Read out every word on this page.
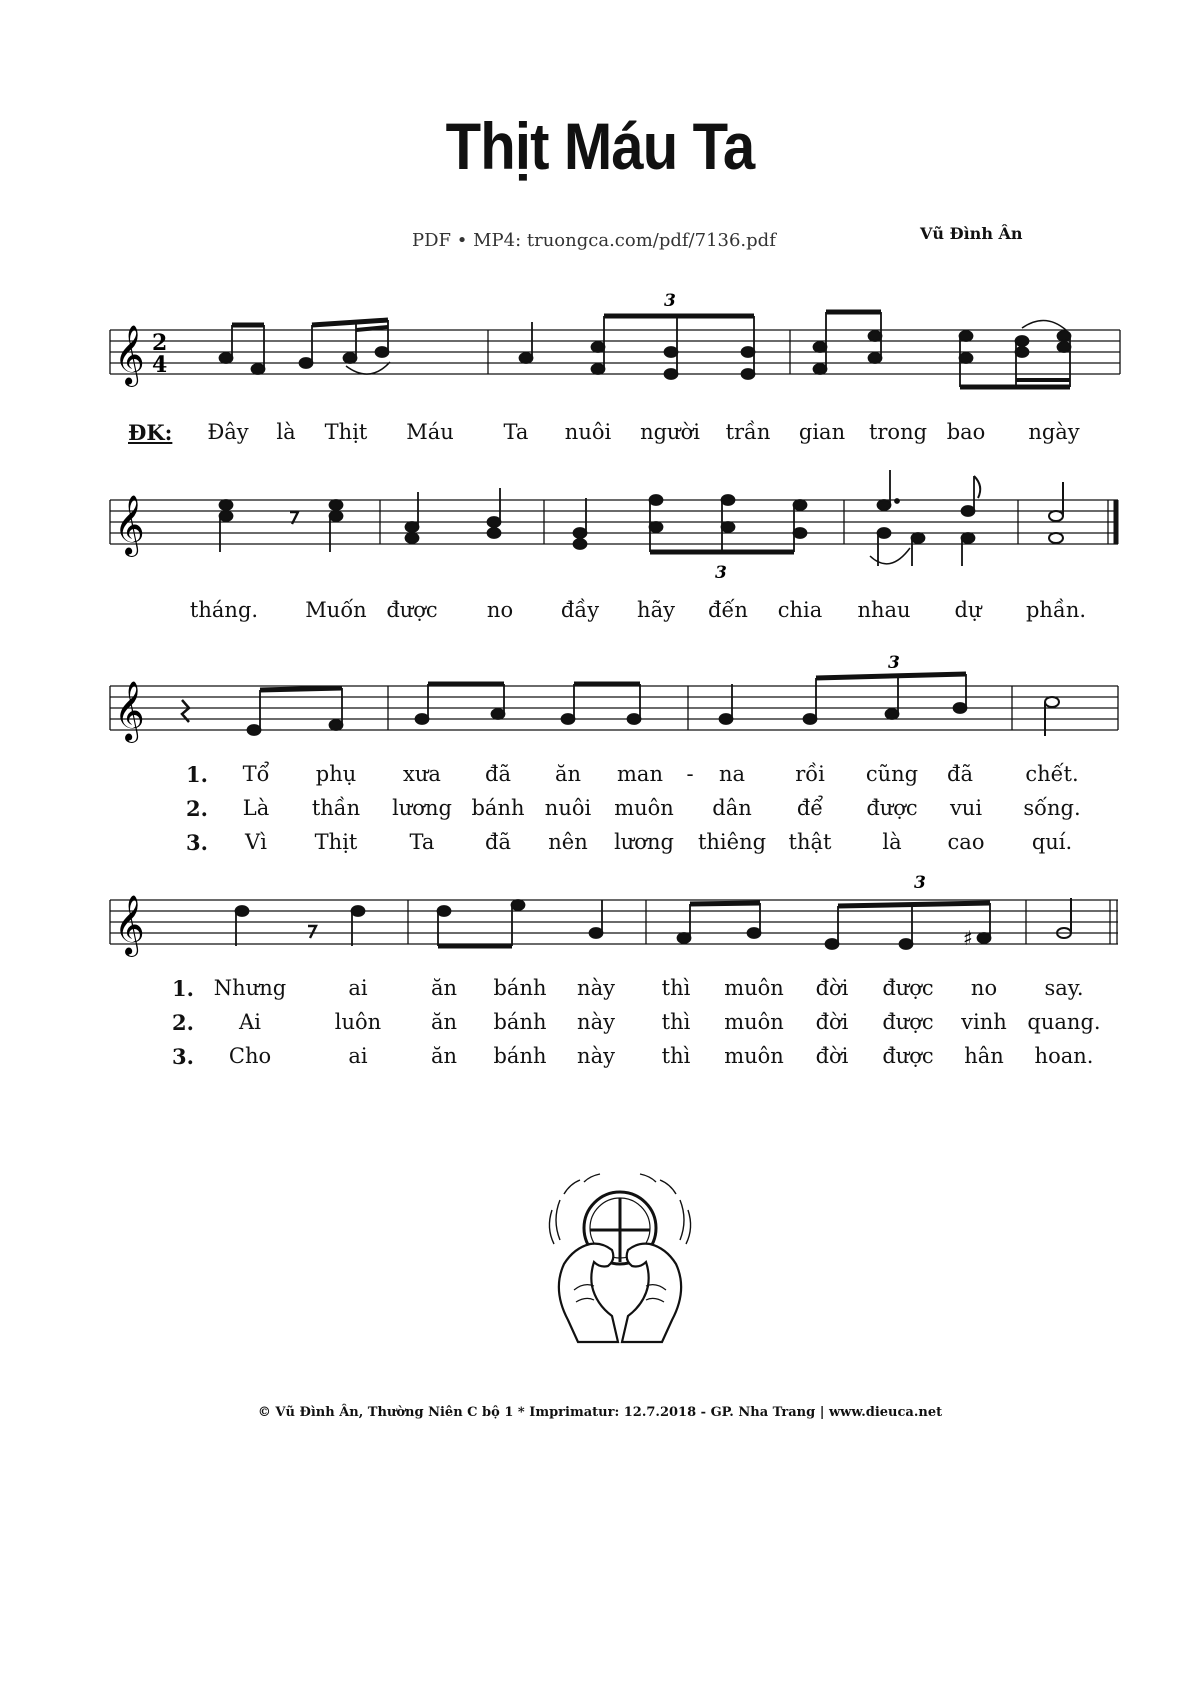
Thịt Máu Ta
PDF • MP4: truongca.com/pdf/7136.pdf	Vũ Đình Ân
𝄞 2
4
3
ĐK: Đây là Thịt Máu Ta nuôi người trần gian trong bao ngày
𝄞
3
tháng. Muốn được no đầy hãy đến chia nhau dự phần.
𝄞
3
1. Tổ phụ xưa đã ăn man - na rồi cũng đã chết.
2. Là thần lương bánh nuôi muôn dân để được vui sống.
3. Vì Thịt Ta đã nên lương thiêng thật là cao quí.
𝄞	♯
3
1. Nhưng	ai	ăn bánh này thì muôn đời được no say.
2. Ai	luôn ăn bánh này thì muôn đời được vinh quang.
3. Cho	ai	ăn bánh này thì muôn đời được hân hoan.
© Vũ Đình Ân, Thường Niên C bộ 1 * Imprimatur: 12.7.2018 - GP. Nha Trang | www.dieuca.net
